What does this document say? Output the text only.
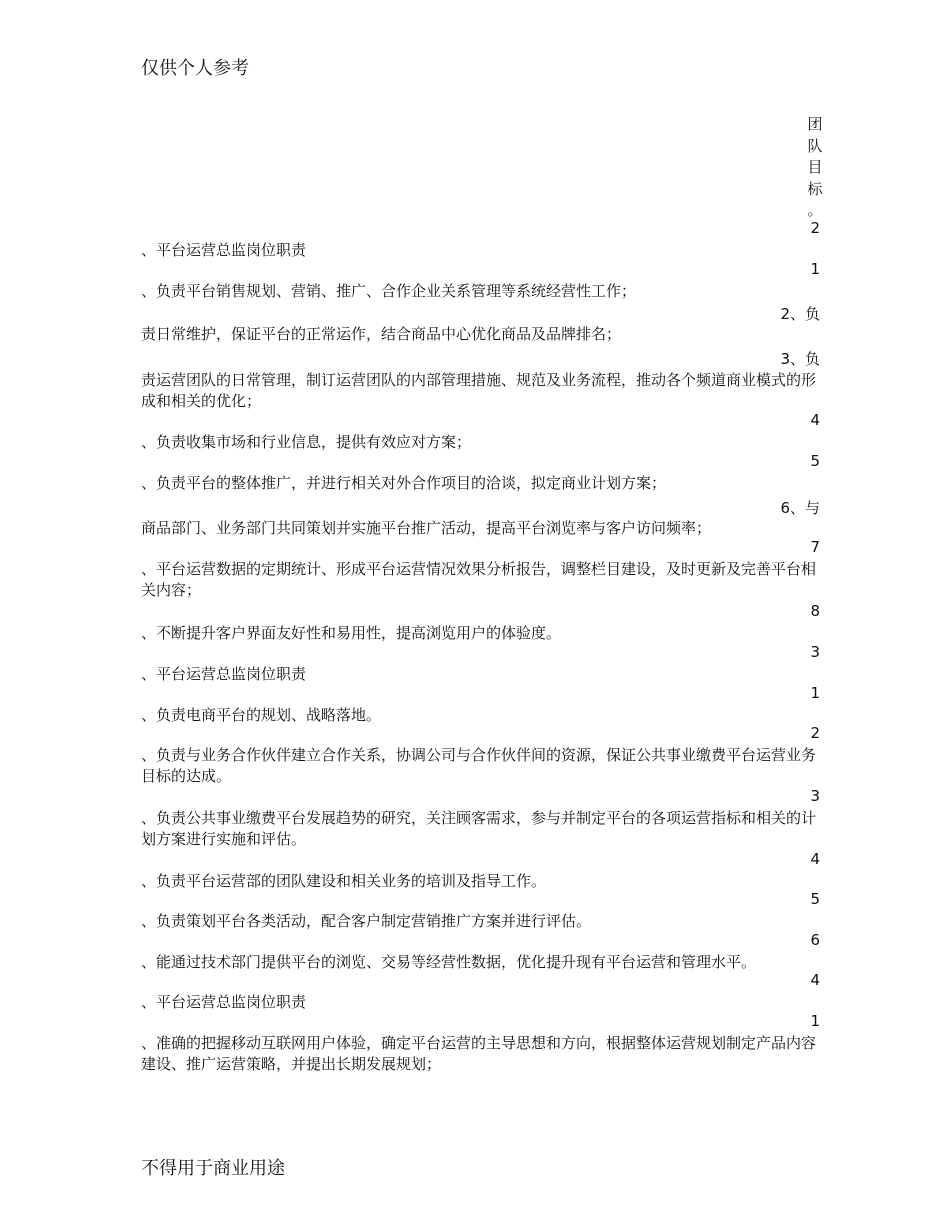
仅供个人参考
团
队
目
标
。
2
、平台运营总监岗位职责
1
、负责平台销售规划、营销、推广、合作企业关系管理等系统经营性工作；
2、负
责日常维护，保证平台的正常运作，结合商品中心优化商品及品牌排名；
3、负
责运营团队的日常管理，制订运营团队的内部管理措施、规范及业务流程，推动各个频道商业模式的形成和相关的优化；
4
、负责收集市场和行业信息，提供有效应对方案；
5
、负责平台的整体推广，并进行相关对外合作项目的洽谈，拟定商业计划方案；
6、与
商品部门、业务部门共同策划并实施平台推广活动，提高平台浏览率与客户访问频率；
7
、平台运营数据的定期统计、形成平台运营情况效果分析报告，调整栏目建设，及时更新及完善平台相关内容；
8
、不断提升客户界面友好性和易用性，提高浏览用户的体验度。
3
、平台运营总监岗位职责
1
、负责电商平台的规划、战略落地。
2
、负责与业务合作伙伴建立合作关系，协调公司与合作伙伴间的资源，保证公共事业缴费平台运营业务目标的达成。
3
、负责公共事业缴费平台发展趋势的研究，关注顾客需求，参与并制定平台的各项运营指标和相关的计划方案进行实施和评估。
4
、负责平台运营部的团队建设和相关业务的培训及指导工作。
5
、负责策划平台各类活动，配合客户制定营销推广方案并进行评估。
6
、能通过技术部门提供平台的浏览、交易等经营性数据，优化提升现有平台运营和管理水平。
4
、平台运营总监岗位职责
1
、准确的把握移动互联网用户体验，确定平台运营的主导思想和方向，根据整体运营规划制定产品内容建设、推广运营策略，并提出长期发展规划；
不得用于商业用途
